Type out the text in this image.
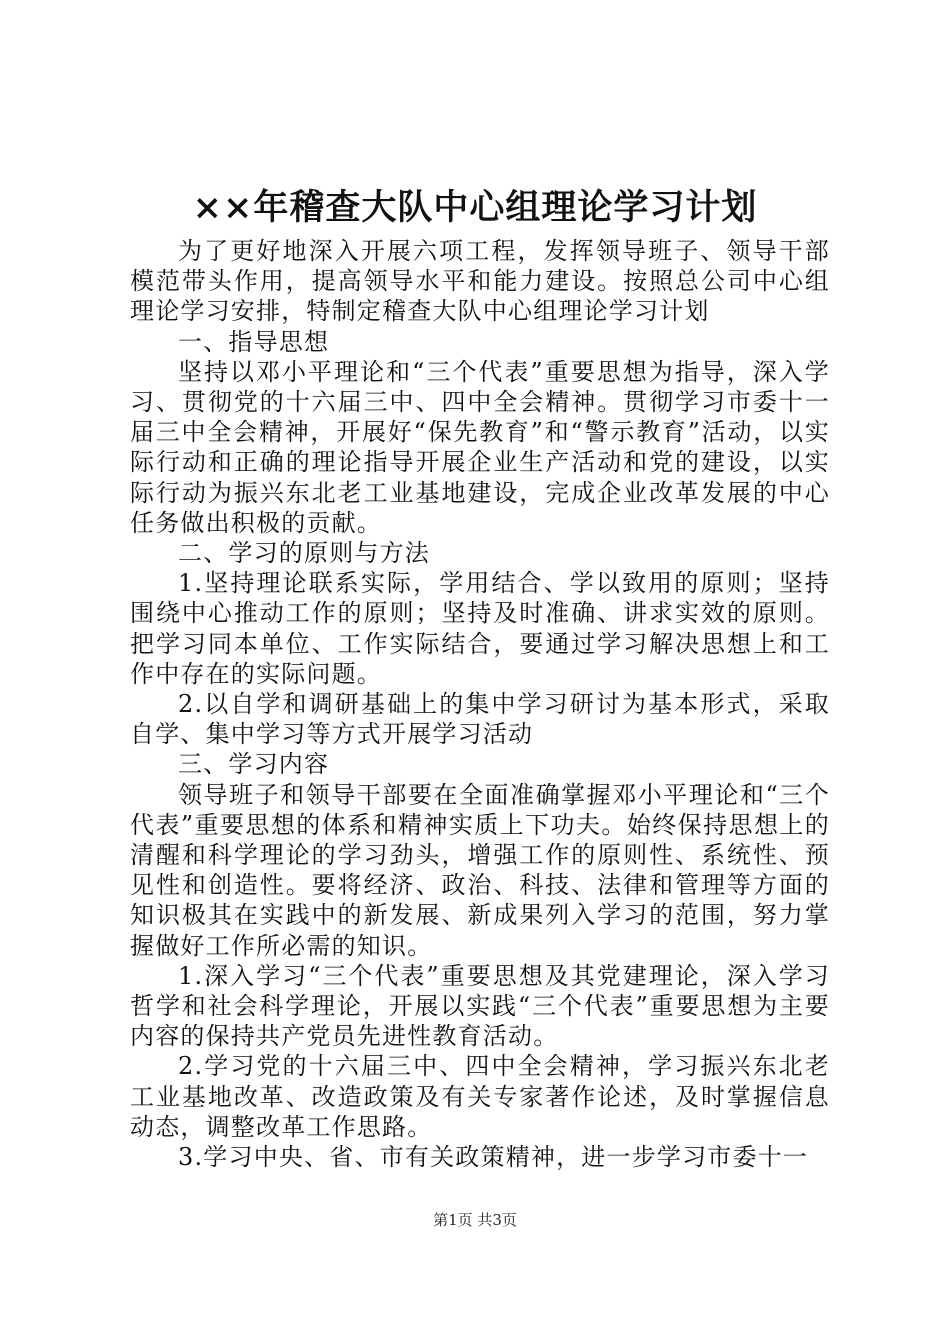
××年稽查大队中心组理论学习计划

为了更好地深入开展六项工程，发挥领导班子、领导干部模范带头作用，提高领导水平和能力建设。按照总公司中心组理论学习安排，特制定稽查大队中心组理论学习计划

一、指导思想

坚持以邓小平理论和“三个代表”重要思想为指导，深入学习、贯彻党的十六届三中、四中全会精神。贯彻学习市委十一届三中全会精神，开展好“保先教育”和“警示教育”活动，以实际行动和正确的理论指导开展企业生产活动和党的建设，以实际行动为振兴东北老工业基地建设，完成企业改革发展的中心任务做出积极的贡献。

二、学习的原则与方法

1.坚持理论联系实际，学用结合、学以致用的原则；坚持围绕中心推动工作的原则；坚持及时准确、讲求实效的原则。把学习同本单位、工作实际结合，要通过学习解决思想上和工作中存在的实际问题。

2.以自学和调研基础上的集中学习研讨为基本形式，采取自学、集中学习等方式开展学习活动

三、学习内容

领导班子和领导干部要在全面准确掌握邓小平理论和“三个代表”重要思想的体系和精神实质上下功夫。始终保持思想上的清醒和科学理论的学习劲头，增强工作的原则性、系统性、预见性和创造性。要将经济、政治、科技、法律和管理等方面的知识极其在实践中的新发展、新成果列入学习的范围，努力掌握做好工作所必需的知识。

1.深入学习“三个代表”重要思想及其党建理论，深入学习哲学和社会科学理论，开展以实践“三个代表”重要思想为主要内容的保持共产党员先进性教育活动。

2.学习党的十六届三中、四中全会精神，学习振兴东北老工业基地改革、改造政策及有关专家著作论述，及时掌握信息动态，调整改革工作思路。

3.学习中央、省、市有关政策精神，进一步学习市委十一

第1页 共3页
